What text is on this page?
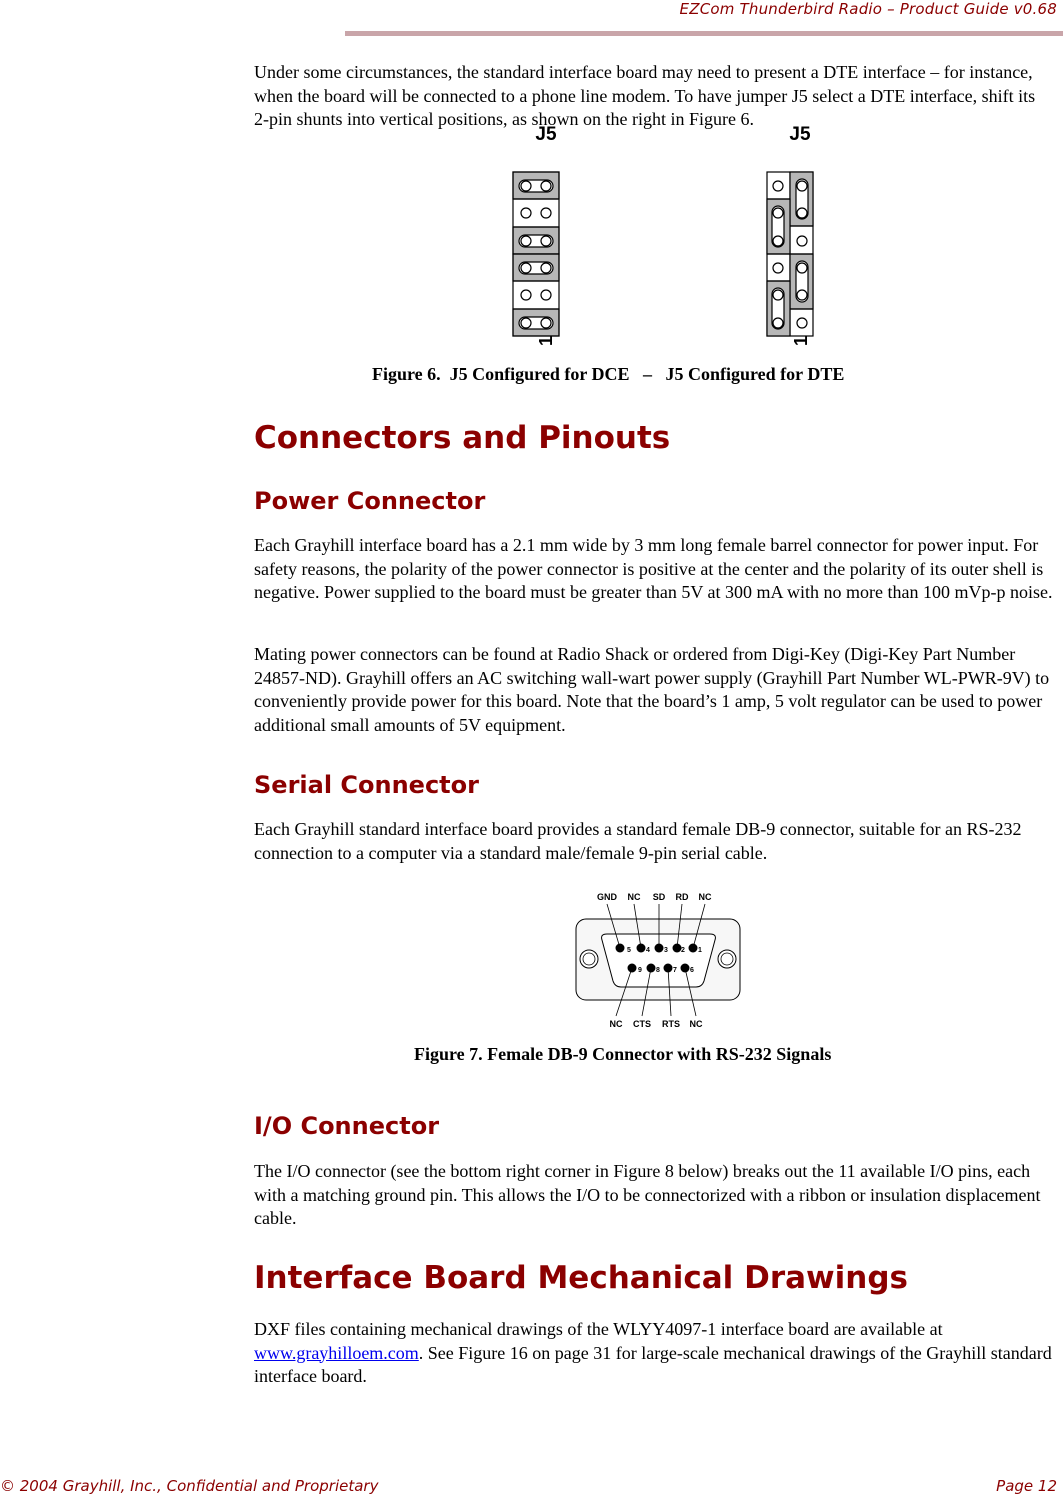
EZCom Thunderbird Radio – Product Guide v0.68

Under some circumstances, the standard interface board may need to present a DTE interface – for instance, when the board will be connected to a phone line modem. To have jumper J5 select a DTE interface, shift its 2-pin shunts into vertical positions, as shown on the right in Figure 6.

J5	J5
1	1

Figure 6.  J5 Configured for DCE   –   J5 Configured for DTE

Connectors and Pinouts
Power Connector

Each Grayhill interface board has a 2.1 mm wide by 3 mm long female barrel connector for power input. For safety reasons, the polarity of the power connector is positive at the center and the polarity of its outer shell is negative. Power supplied to the board must be greater than 5V at 300 mA with no more than 100 mVp-p noise.

Mating power connectors can be found at Radio Shack or ordered from Digi-Key (Digi-Key Part Number 24857-ND). Grayhill offers an AC switching wall-wart power supply (Grayhill Part Number WL-PWR-9V) to conveniently provide power for this board. Note that the board’s 1 amp, 5 volt regulator can be used to power additional small amounts of 5V equipment.

Serial Connector

Each Grayhill standard interface board provides a standard female DB-9 connector, suitable for an RS-232 connection to a computer via a standard male/female 9-pin serial cable.

GND NC SD RD NC
NC CTS RTS NC
5 4 3 2 1
9 8 7 6

Figure 7. Female DB-9 Connector with RS-232 Signals

I/O Connector

The I/O connector (see the bottom right corner in Figure 8 below) breaks out the 11 available I/O pins, each with a matching ground pin. This allows the I/O to be connectorized with a ribbon or insulation displacement cable.

Interface Board Mechanical Drawings

DXF files containing mechanical drawings of the WLYY4097-1 interface board are available at www.grayhilloem.com. See Figure 16 on page 31 for large-scale mechanical drawings of the Grayhill standard interface board.

© 2004 Grayhill, Inc., Confidential and Proprietary	Page 12
